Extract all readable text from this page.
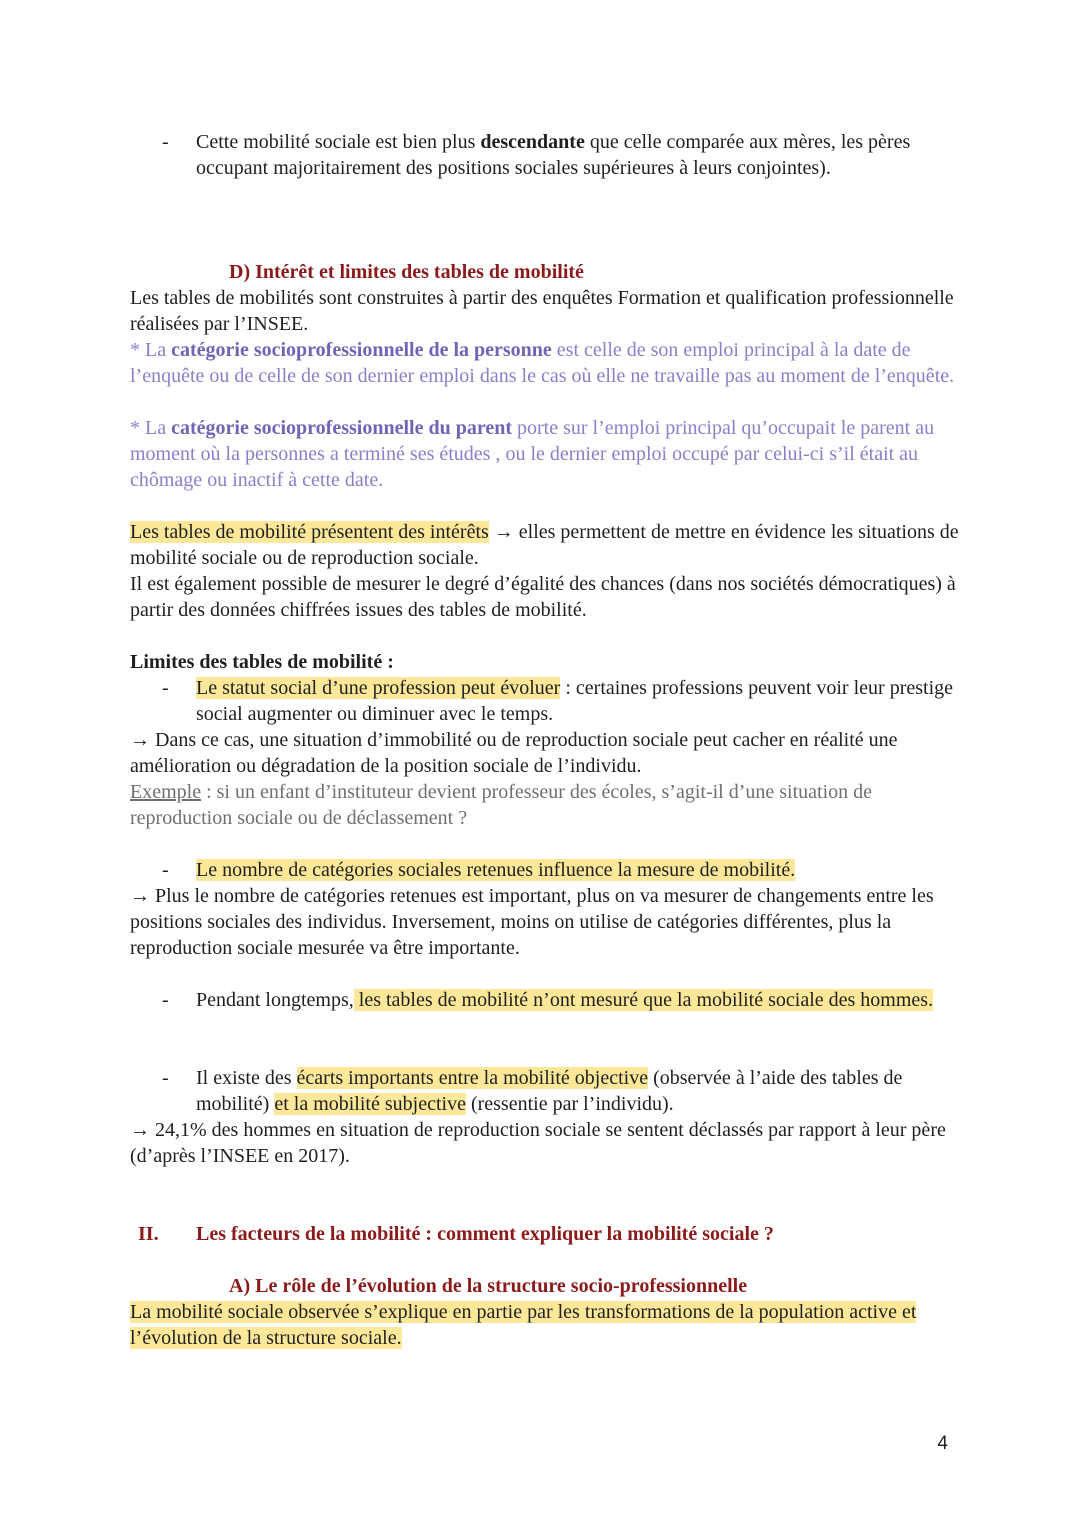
- Cette mobilité sociale est bien plus descendante que celle comparée aux mères, les pères occupant majoritairement des positions sociales supérieures à leurs conjointes).
D) Intérêt et limites des tables de mobilité

Les tables de mobilités sont construites à partir des enquêtes Formation et qualification professionnelle réalisées par l’INSEE.

* La catégorie socioprofessionnelle de la personne est celle de son emploi principal à la date de l’enquête ou de celle de son dernier emploi dans le cas où elle ne travaille pas au moment de l’enquête.

* La catégorie socioprofessionnelle du parent porte sur l’emploi principal qu’occupait le parent au moment où la personnes a terminé ses études , ou le dernier emploi occupé par celui-ci s’il était au chômage ou inactif à cette date.

Les tables de mobilité présentent des intérêts → elles permettent de mettre en évidence les situations de mobilité sociale ou de reproduction sociale.

Il est également possible de mesurer le degré d’égalité des chances (dans nos sociétés démocratiques) à partir des données chiffrées issues des tables de mobilité.

Limites des tables de mobilité :

- Le statut social d’une profession peut évoluer : certaines professions peuvent voir leur prestige social augmenter ou diminuer avec le temps.

→ Dans ce cas, une situation d’immobilité ou de reproduction sociale peut cacher en réalité une amélioration ou dégradation de la position sociale de l’individu.

Exemple : si un enfant d’instituteur devient professeur des écoles, s’agit-il d’une situation de reproduction sociale ou de déclassement ?

- Le nombre de catégories sociales retenues influence la mesure de mobilité.

→ Plus le nombre de catégories retenues est important, plus on va mesurer de changements entre les positions sociales des individus. Inversement, moins on utilise de catégories différentes, plus la reproduction sociale mesurée va être importante.

- Pendant longtemps, les tables de mobilité n’ont mesuré que la mobilité sociale des hommes.
- Il existe des écarts importants entre la mobilité objective (observée à l’aide des tables de mobilité) et la mobilité subjective (ressentie par l’individu).

→ 24,1% des hommes en situation de reproduction sociale se sentent déclassés par rapport à leur père (d’après l’INSEE en 2017).

II. Les facteurs de la mobilité : comment expliquer la mobilité sociale ?
A) Le rôle de l’évolution de la structure socio-professionnelle

La mobilité sociale observée s’explique en partie par les transformations de la population active et l’évolution de la structure sociale.

4
